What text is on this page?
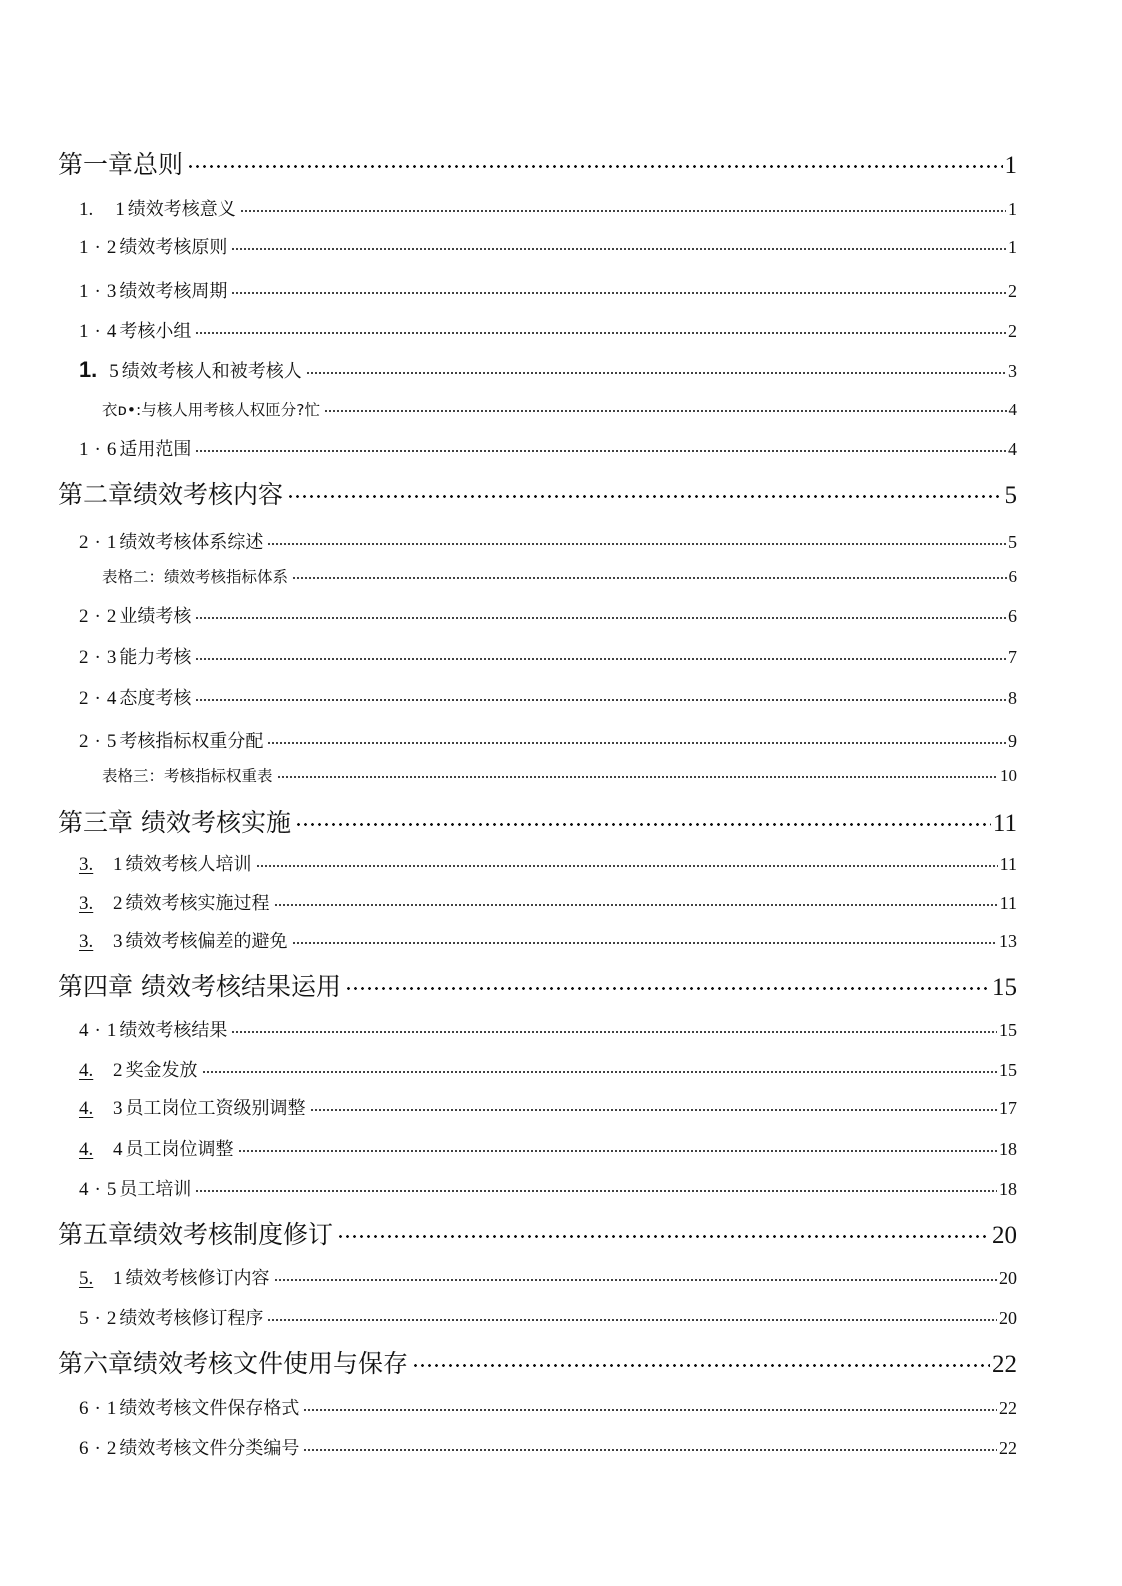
第一章总则	1
1. 1 绩效考核意义	1
1 · 2 绩效考核原则	1
1 · 3 绩效考核周期	2
1 · 4 考核小组	2
1. 5 绩效考核人和被考核人	3
衣ᴅ•:与核人用考核人权匝分?忙	4
1 · 6 适用范围	4
第二章绩效考核内容	5
2 · 1 绩效考核体系综述	5
表格二：绩效考核指标体系	6
2 · 2 业绩考核	6
2 · 3 能力考核	7
2 · 4 态度考核	8
2 · 5 考核指标权重分配	9
表格三：考核指标权重表	10
第三章 绩效考核实施	11
3. 1 绩效考核人培训	11
3. 2 绩效考核实施过程	11
3. 3 绩效考核偏差的避免	13
第四章 绩效考核结果运用	15
4 · 1 绩效考核结果	15
4. 2 奖金发放	15
4. 3 员工岗位工资级别调整	17
4. 4 员工岗位调整	18
4 · 5 员工培训	18
第五章绩效考核制度修订	20
5. 1 绩效考核修订内容	20
5 · 2 绩效考核修订程序	20
第六章绩效考核文件使用与保存	22
6 · 1 绩效考核文件保存格式	22
6 · 2 绩效考核文件分类编号	22
